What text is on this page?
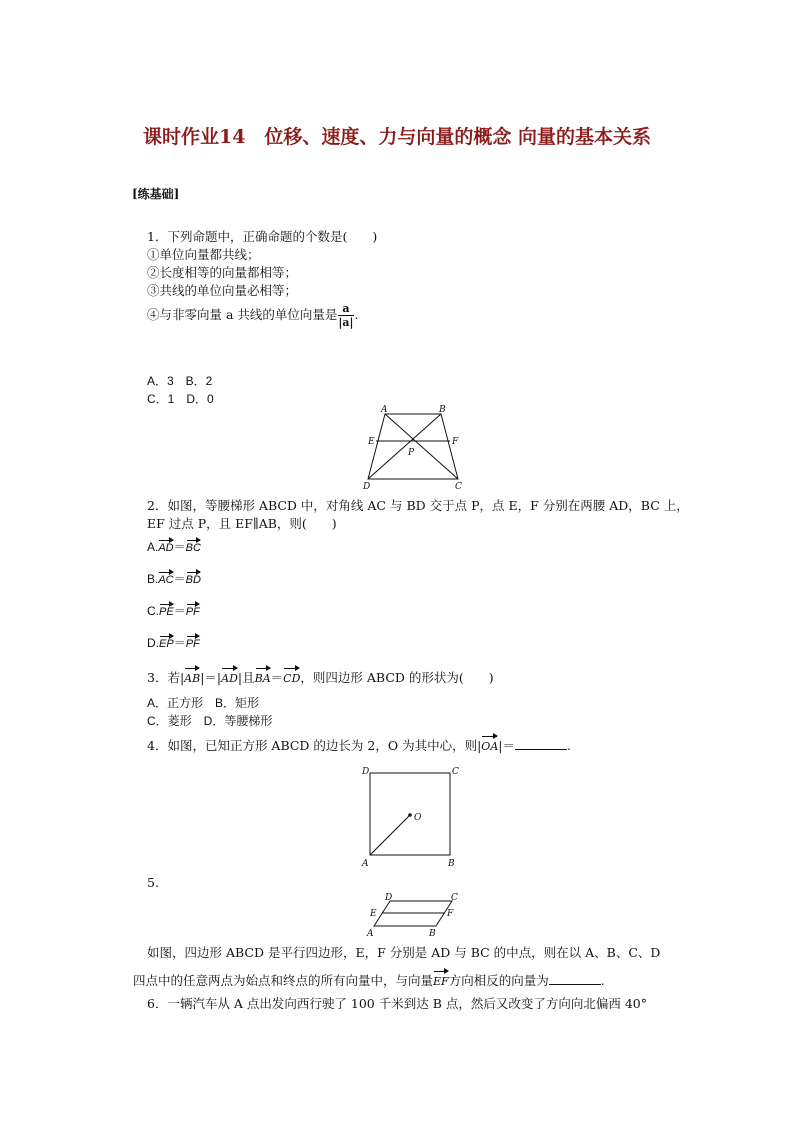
课时作业14　位移、速度、力与向量的概念 向量的基本关系
[练基础]
1．下列命题中，正确命题的个数是(　　)
①单位向量都共线；
②长度相等的向量都相等；
③共线的单位向量必相等；
④与非零向量 a 共线的单位向量是 $\frac{a}{|a|}$ .
A．3　B．2
C．1　D．0
A	B
C
D
E	F
P
2．如图，等腰梯形 ABCD 中，对角线 AC 与 BD 交于点 P，点 E，F 分别在两腰 AD，BC 上，
EF 过点 P，且 EF∥AB，则(　　)
A.AD＝BC
B.AC＝BD
C.PE＝PF
D.EP＝PF
3．若|AB|＝|AD|且BA＝CD，则四边形 ABCD 的形状为(　　)
A．正方形　B．矩形
C．菱形　D．等腰梯形
4．如图，已知正方形 ABCD 的边长为 2，O 为其中心，则|OA|＝	.
D	C
A	B
O
5.
D	C
E	F
A	B
如图，四边形 ABCD 是平行四边形，E，F 分别是 AD 与 BC 的中点，则在以 A、B、C、D
四点中的任意两点为始点和终点的所有向量中，与向量EF方向相反的向量为	.
6．一辆汽车从 A 点出发向西行驶了 100 千米到达 B 点，然后又改变了方向向北偏西 40°
